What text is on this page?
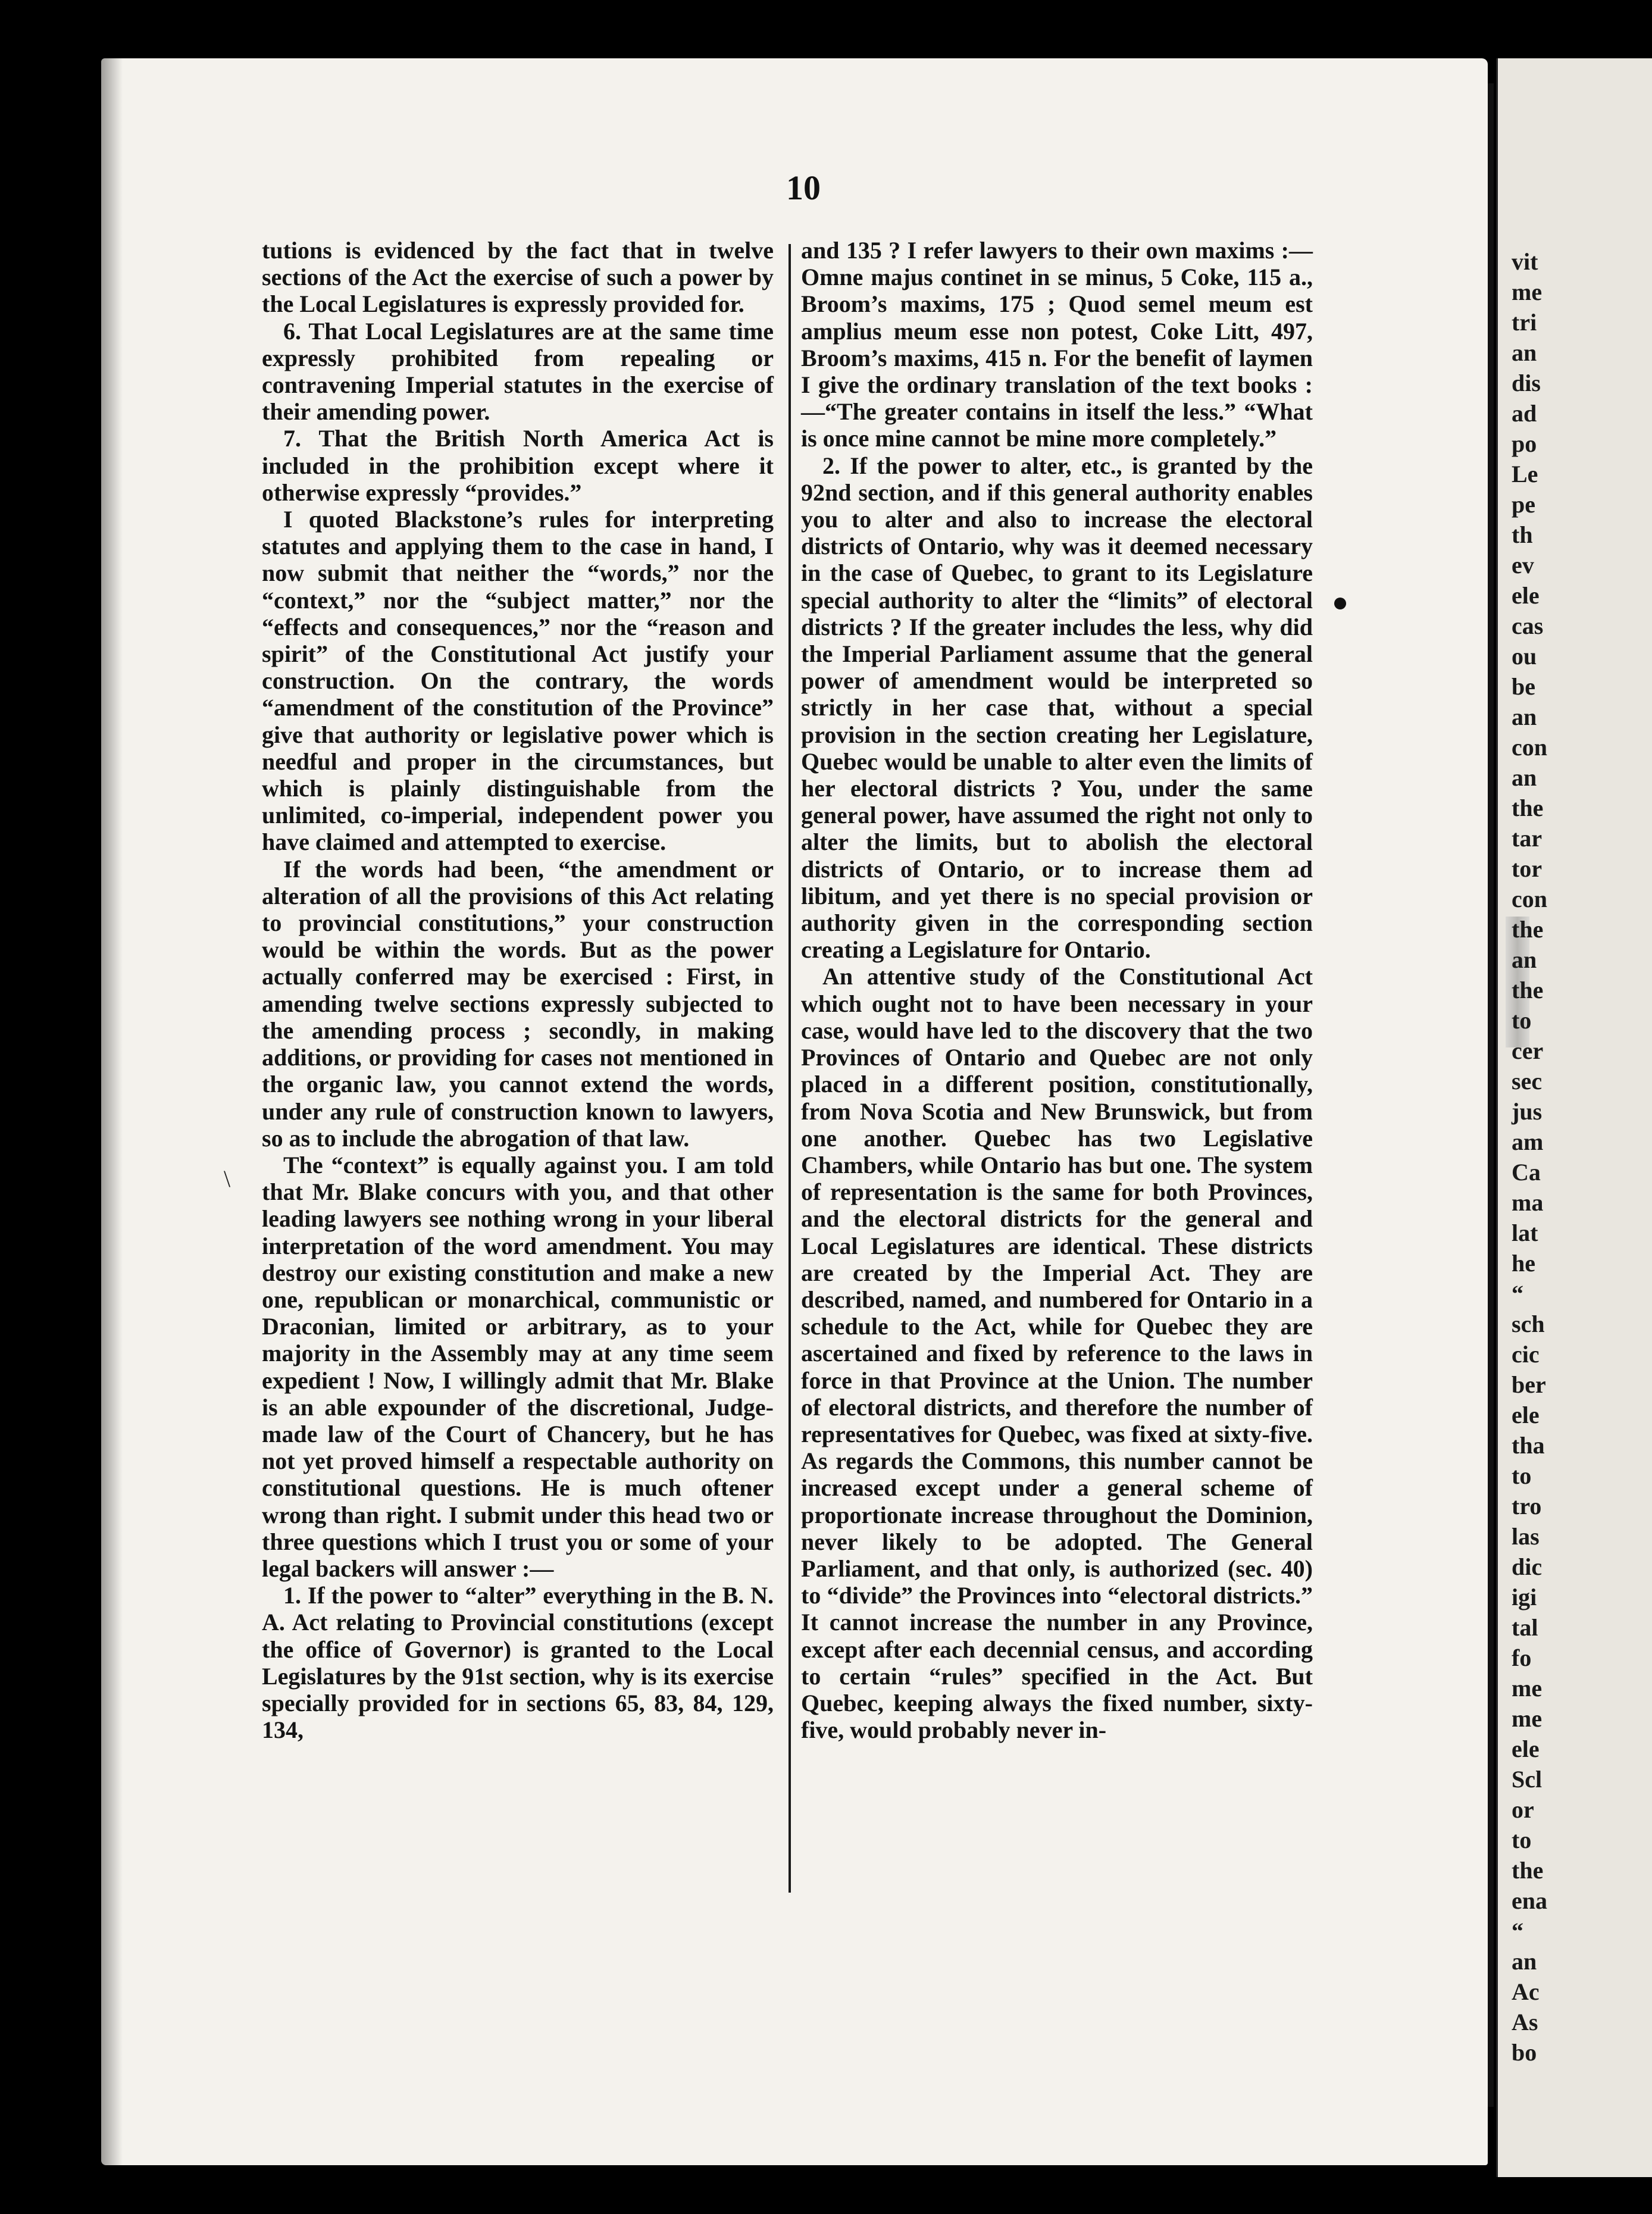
10

tutions is evidenced by the fact that in twelve sections of the Act the exercise of such a power by the Local Legislatures is expressly provided for.

6. That Local Legislatures are at the same time expressly prohibited from repealing or contravening Imperial statutes in the exercise of their amending power.

7. That the British North America Act is included in the prohibition except where it otherwise expressly “provides.”

I quoted Blackstone’s rules for interpreting statutes and applying them to the case in hand, I now submit that neither the “words,” nor the “context,” nor the “subject matter,” nor the “effects and consequences,” nor the “reason and spirit” of the Constitutional Act justify your construction. On the contrary, the words “amendment of the constitution of the Province” give that authority or legislative power which is needful and proper in the circumstances, but which is plainly distinguishable from the unlimited, co-imperial, independent power you have claimed and attempted to exercise.

If the words had been, “the amendment or alteration of all the provisions of this Act relating to provincial constitutions,” your construction would be within the words. But as the power actually conferred may be exercised : First, in amending twelve sections expressly subjected to the amending process ; secondly, in making additions, or providing for cases not mentioned in the organic law, you cannot extend the words, under any rule of construction known to lawyers, so as to include the abrogation of that law.

The “context” is equally against you. I am told that Mr. Blake concurs with you, and that other leading lawyers see nothing wrong in your liberal interpretation of the word amendment. You may destroy our existing constitution and make a new one, republican or monarchical, communistic or Draconian, limited or arbitrary, as to your majority in the Assembly may at any time seem expedient ! Now, I willingly admit that Mr. Blake is an able expounder of the discretional, Judge-made law of the Court of Chancery, but he has not yet proved himself a respectable authority on constitutional questions. He is much oftener wrong than right. I submit under this head two or three questions which I trust you or some of your legal backers will answer :—

1. If the power to “alter” everything in the B. N. A. Act relating to Provincial constitutions (except the office of Governor) is granted to the Local Legislatures by the 91st section, why is its exercise specially provided for in sections 65, 83, 84, 129, 134,

and 135 ? I refer lawyers to their own maxims :—Omne majus continet in se minus, 5 Coke, 115 a., Broom’s maxims, 175 ; Quod semel meum est amplius meum esse non potest, Coke Litt, 497, Broom’s maxims, 415 n. For the benefit of laymen I give the ordinary translation of the text books :—“The greater contains in itself the less.” “What is once mine cannot be mine more completely.”

2. If the power to alter, etc., is granted by the 92nd section, and if this general authority enables you to alter and also to increase the electoral districts of Ontario, why was it deemed necessary in the case of Quebec, to grant to its Legislature special authority to alter the “limits” of electoral districts ? If the greater includes the less, why did the Imperial Parliament assume that the general power of amendment would be interpreted so strictly in her case that, without a special provision in the section creating her Legislature, Quebec would be unable to alter even the limits of her electoral districts ? You, under the same general power, have assumed the right not only to alter the limits, but to abolish the electoral districts of Ontario, or to increase them ad libitum, and yet there is no special provision or authority given in the corresponding section creating a Legislature for Ontario.

An attentive study of the Constitutional Act which ought not to have been necessary in your case, would have led to the discovery that the two Provinces of Ontario and Quebec are not only placed in a different position, constitutionally, from Nova Scotia and New Brunswick, but from one another. Quebec has two Legislative Chambers, while Ontario has but one. The system of representation is the same for both Provinces, and the electoral districts for the general and Local Legislatures are identical. These districts are created by the Imperial Act. They are described, named, and numbered for Ontario in a schedule to the Act, while for Quebec they are ascertained and fixed by reference to the laws in force in that Province at the Union. The number of electoral districts, and therefore the number of representatives for Quebec, was fixed at sixty-five. As regards the Commons, this number cannot be increased except under a general scheme of proportionate increase throughout the Dominion, never likely to be adopted. The General Parliament, and that only, is authorized (sec. 40) to “divide” the Provinces into “electoral districts.” It cannot increase the number in any Province, except after each decennial census, and according to certain “rules” specified in the Act. But Quebec, keeping always the fixed number, sixty-five, would probably never in-

\
vit
me
tri
an
dis
ad
po
Le
pe
th
ev
ele
cas
ou
be
an
con
an
the
tar
tor
con
the
an
the
to
cer
sec
jus
am
Ca
ma
lat
he
“
sch
cic
ber
ele
tha
to
tro
las
dic
igi
tal
fo
me
me
ele
Scl
or
to
the
ena
“
an
Ac
As
bo
